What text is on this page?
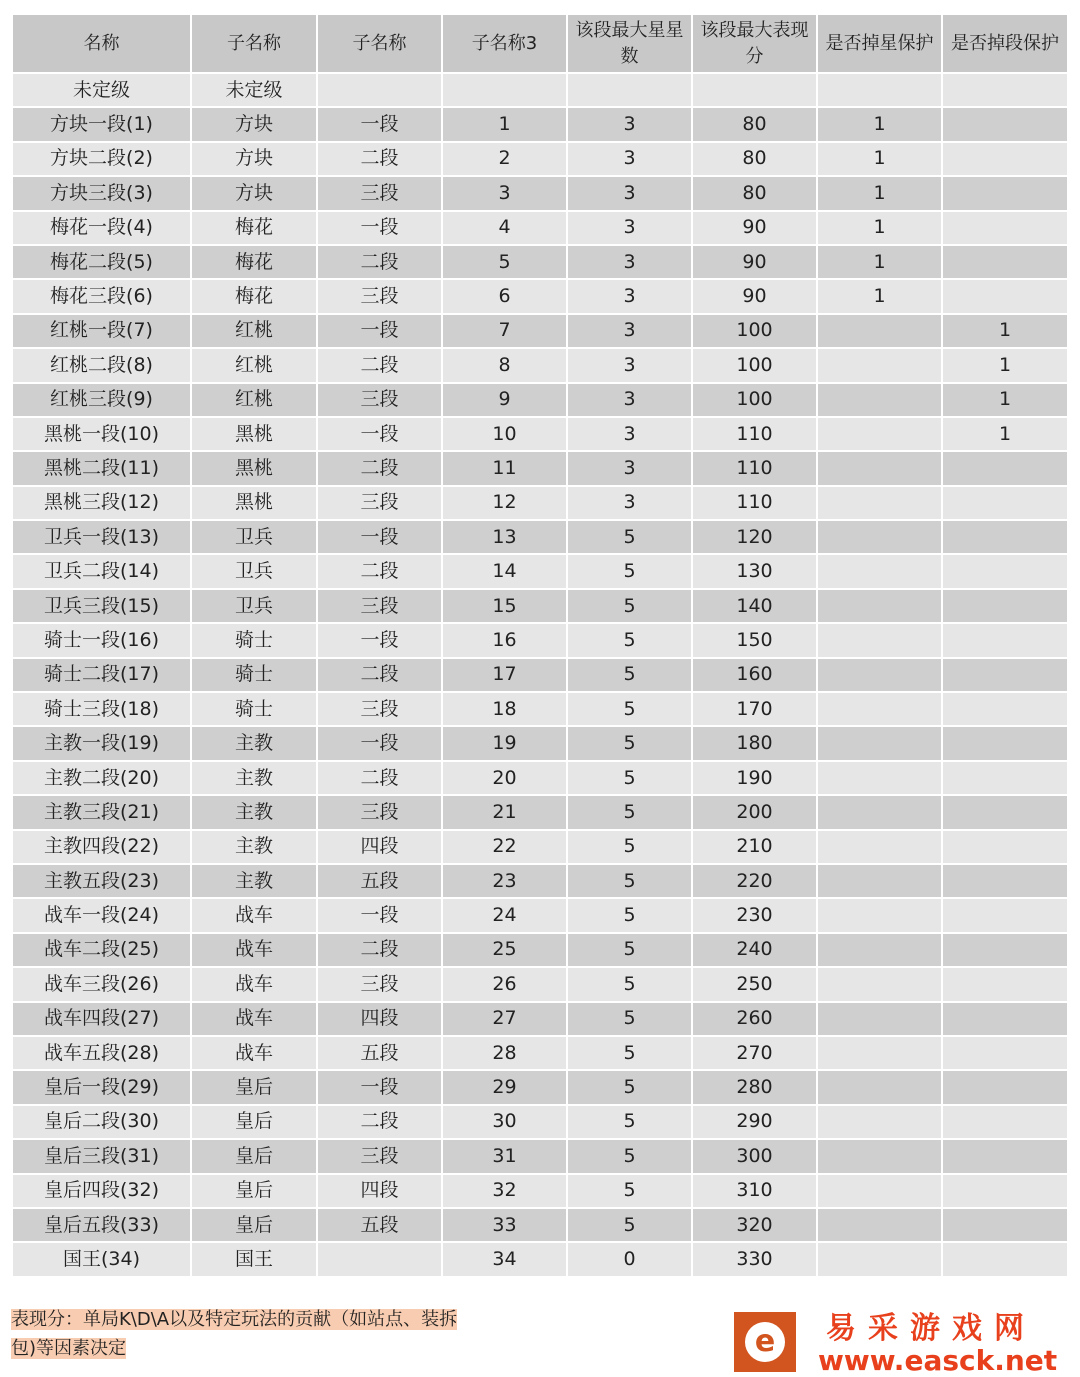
名称	子名称	子名称	子名称3	该段最大星星数	该段最大表现分	是否掉星保护	是否掉段保护
未定级	未定级						
方块一段(1)	方块	一段	1	3	80	1	
方块二段(2)	方块	二段	2	3	80	1	
方块三段(3)	方块	三段	3	3	80	1	
梅花一段(4)	梅花	一段	4	3	90	1	
梅花二段(5)	梅花	二段	5	3	90	1	
梅花三段(6)	梅花	三段	6	3	90	1	
红桃一段(7)	红桃	一段	7	3	100		1
红桃二段(8)	红桃	二段	8	3	100		1
红桃三段(9)	红桃	三段	9	3	100		1
黑桃一段(10)	黑桃	一段	10	3	110		1
黑桃二段(11)	黑桃	二段	11	3	110		
黑桃三段(12)	黑桃	三段	12	3	110		
卫兵一段(13)	卫兵	一段	13	5	120		
卫兵二段(14)	卫兵	二段	14	5	130		
卫兵三段(15)	卫兵	三段	15	5	140		
骑士一段(16)	骑士	一段	16	5	150		
骑士二段(17)	骑士	二段	17	5	160		
骑士三段(18)	骑士	三段	18	5	170		
主教一段(19)	主教	一段	19	5	180		
主教二段(20)	主教	二段	20	5	190		
主教三段(21)	主教	三段	21	5	200		
主教四段(22)	主教	四段	22	5	210		
主教五段(23)	主教	五段	23	5	220		
战车一段(24)	战车	一段	24	5	230		
战车二段(25)	战车	二段	25	5	240		
战车三段(26)	战车	三段	26	5	250		
战车四段(27)	战车	四段	27	5	260		
战车五段(28)	战车	五段	28	5	270		
皇后一段(29)	皇后	一段	29	5	280		
皇后二段(30)	皇后	二段	30	5	290		
皇后三段(31)	皇后	三段	31	5	300		
皇后四段(32)	皇后	四段	32	5	310		
皇后五段(33)	皇后	五段	33	5	320		
国王(34)	国王		34	0	330		
表现分：单局K\D\A以及特定玩法的贡献（如站点、装拆包)等因素决定	e	易采游戏网
www.easck.net
